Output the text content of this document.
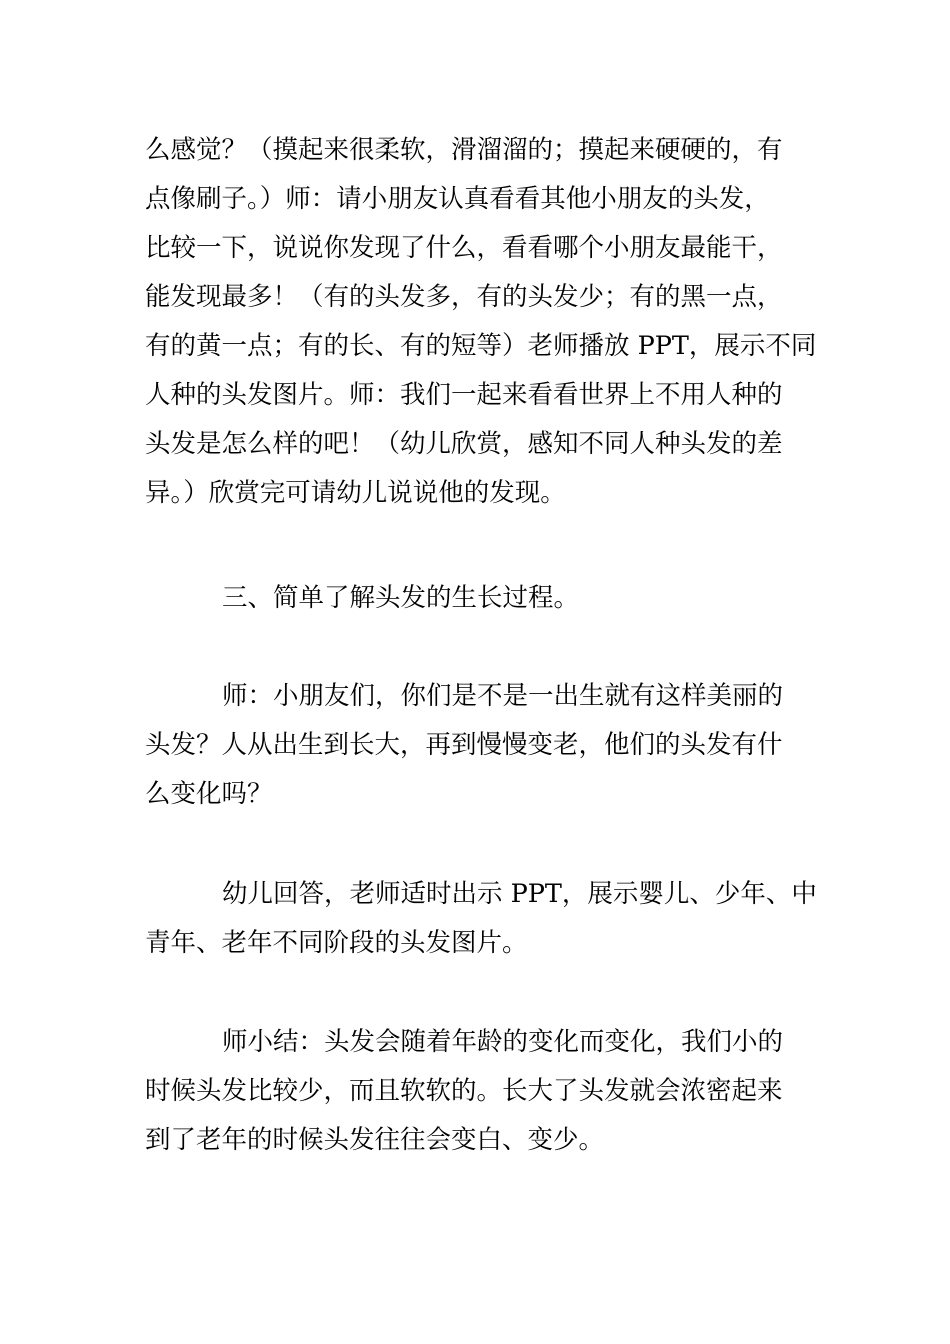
么感觉？（摸起来很柔软，滑溜溜的；摸起来硬硬的，有

点像刷子。）师：请小朋友认真看看其他小朋友的头发，

比较一下，说说你发现了什么，看看哪个小朋友最能干，

能发现最多！（有的头发多，有的头发少；有的黑一点，

有的黄一点；有的长、有的短等）老师播放 PPT，展示不同

人种的头发图片。师：我们一起来看看世界上不用人种的

头发是怎么样的吧！（幼儿欣赏，感知不同人种头发的差

异。）欣赏完可请幼儿说说他的发现。

三、简单了解头发的生长过程。

师：小朋友们，你们是不是一出生就有这样美丽的

头发？人从出生到长大，再到慢慢变老，他们的头发有什

么变化吗？

幼儿回答，老师适时出示 PPT，展示婴儿、少年、中

青年、老年不同阶段的头发图片。

师小结：头发会随着年龄的变化而变化，我们小的

时候头发比较少，而且软软的。长大了头发就会浓密起来

到了老年的时候头发往往会变白、变少。
